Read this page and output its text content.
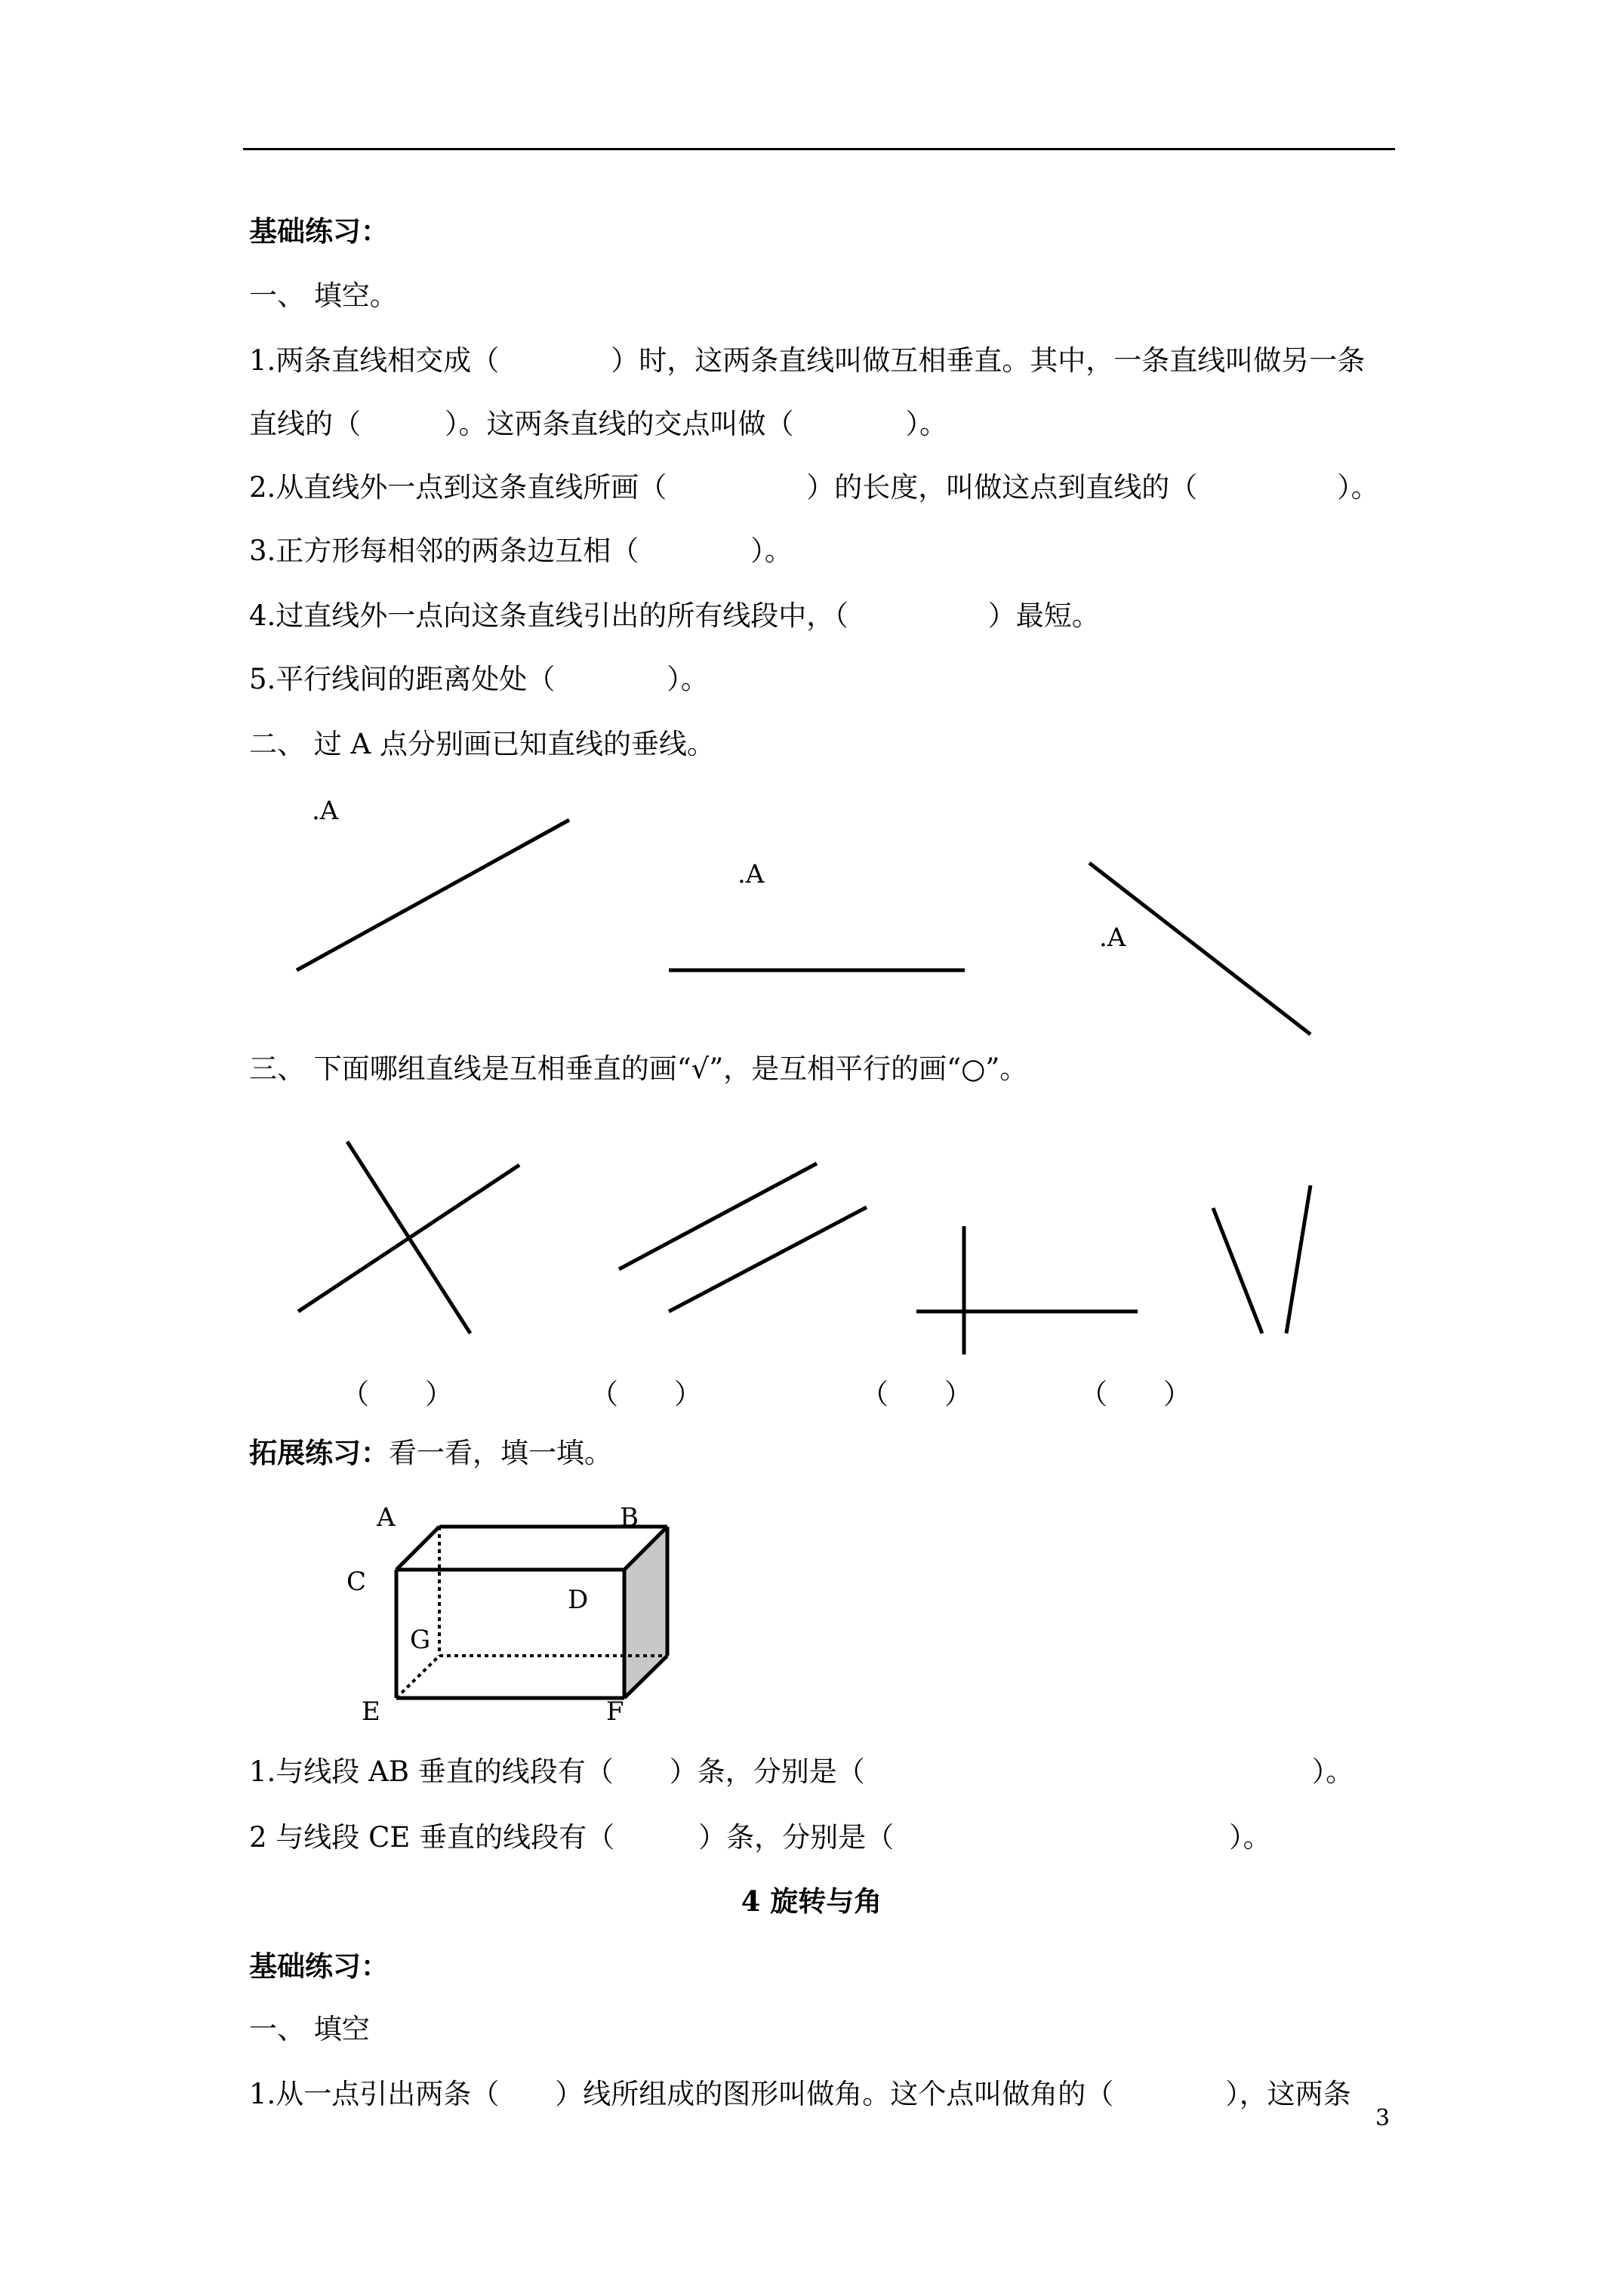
基础练习：
一、 填空。
1.两条直线相交成（　　　　）时，这两条直线叫做互相垂直。其中，一条直线叫做另一条
直线的（　　　）。这两条直线的交点叫做（　　　　）。
2.从直线外一点到这条直线所画（　　　　　）的长度，叫做这点到直线的（　　　　　）。
3.正方形每相邻的两条边互相（　　　　）。
4.过直线外一点向这条直线引出的所有线段中，（　　　　　）最短。
5.平行线间的距离处处（　　　　）。
二、 过 A 点分别画已知直线的垂线。
.A
.A
.A
三、 下面哪组直线是互相垂直的画“√”，是互相平行的画“○”。
（　　）	（　　）	（　　）	（　　）
拓展练习：看一看，填一填。
A	B
C
D
G
E	F
1.与线段 AB 垂直的线段有（　　）条，分别是（　　　　　　　　　　　　　　　　）。
2 与线段 CE 垂直的线段有（　　　）条，分别是（　　　　　　　　　　　　）。
4 旋转与角
基础练习：
一、 填空
1.从一点引出两条（　　）线所组成的图形叫做角。这个点叫做角的（　　　　），这两条
3
